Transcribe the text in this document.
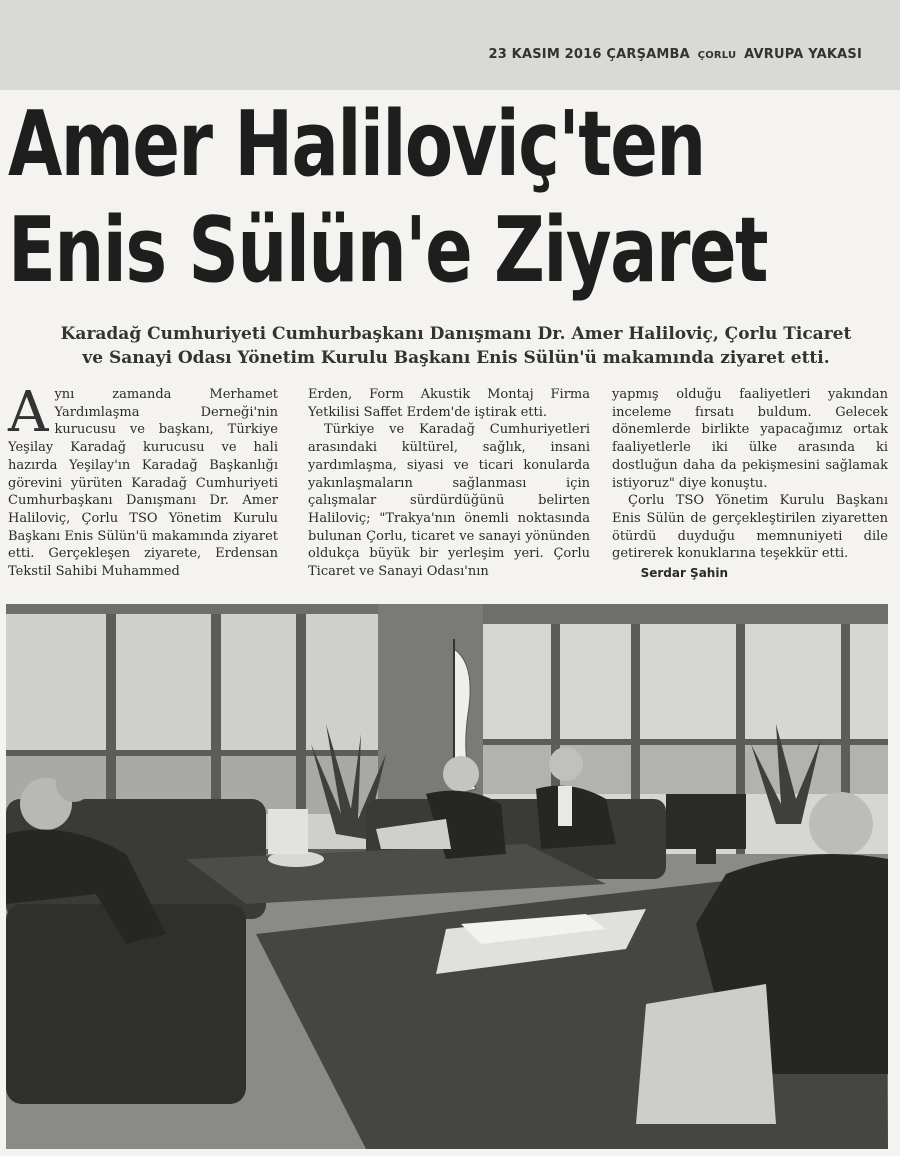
23 KASIM 2016 ÇARŞAMBA ÇORLU AVRUPA YAKASI
Amer Haliloviç'ten
Enis Sülün'e Ziyaret
Karadağ Cumhuriyeti Cumhurbaşkanı Danışmanı Dr. Amer Haliloviç, Çorlu Ticaret
ve Sanayi Odası Yönetim Kurulu Başkanı Enis Sülün'ü makamında ziyaret etti.
A ynı zamanda Merhamet Yardımlaşma Derneği'nin kurucusu ve başkanı, Türkiye Yeşilay Karadağ kurucusu ve hali hazırda Yeşilay'ın Karadağ Başkanlığı görevini yürüten Karadağ Cumhuriyeti Cumhurbaşkanı Danışmanı Dr. Amer Haliloviç, Çorlu TSO Yönetim Kurulu Başkanı Enis Sülün'ü makamında ziyaret etti. Gerçekleşen ziyarete, Erdensan Tekstil Sahibi Muhammed
Erden, Form Akustik Montaj Firma Yetkilisi Saffet Erdem'de iştirak etti.
Türkiye ve Karadağ Cumhuriyetleri arasındaki kültürel, sağlık, insani yardımlaşma, siyasi ve ticari konularda yakınlaşmaların sağlanması için çalışmalar sürdürdüğünü belirten Haliloviç; "Trakya'nın önemli noktasında bulunan Çorlu, ticaret ve sanayi yönünden oldukça büyük bir yerleşim yeri. Çorlu Ticaret ve Sanayi Odası'nın
yapmış olduğu faaliyetleri yakından inceleme fırsatı buldum. Gelecek dönemlerde birlikte yapacağımız ortak faaliyetlerle iki ülke arasında ki dostluğun daha da pekişmesini sağlamak istiyoruz" diye konuştu.
Çorlu TSO Yönetim Kurulu Başkanı Enis Sülün de gerçekleştirilen ziyaretten ötürdü duyduğu memnuniyeti dile getirerek konuklarına teşekkür etti.
Serdar Şahin
